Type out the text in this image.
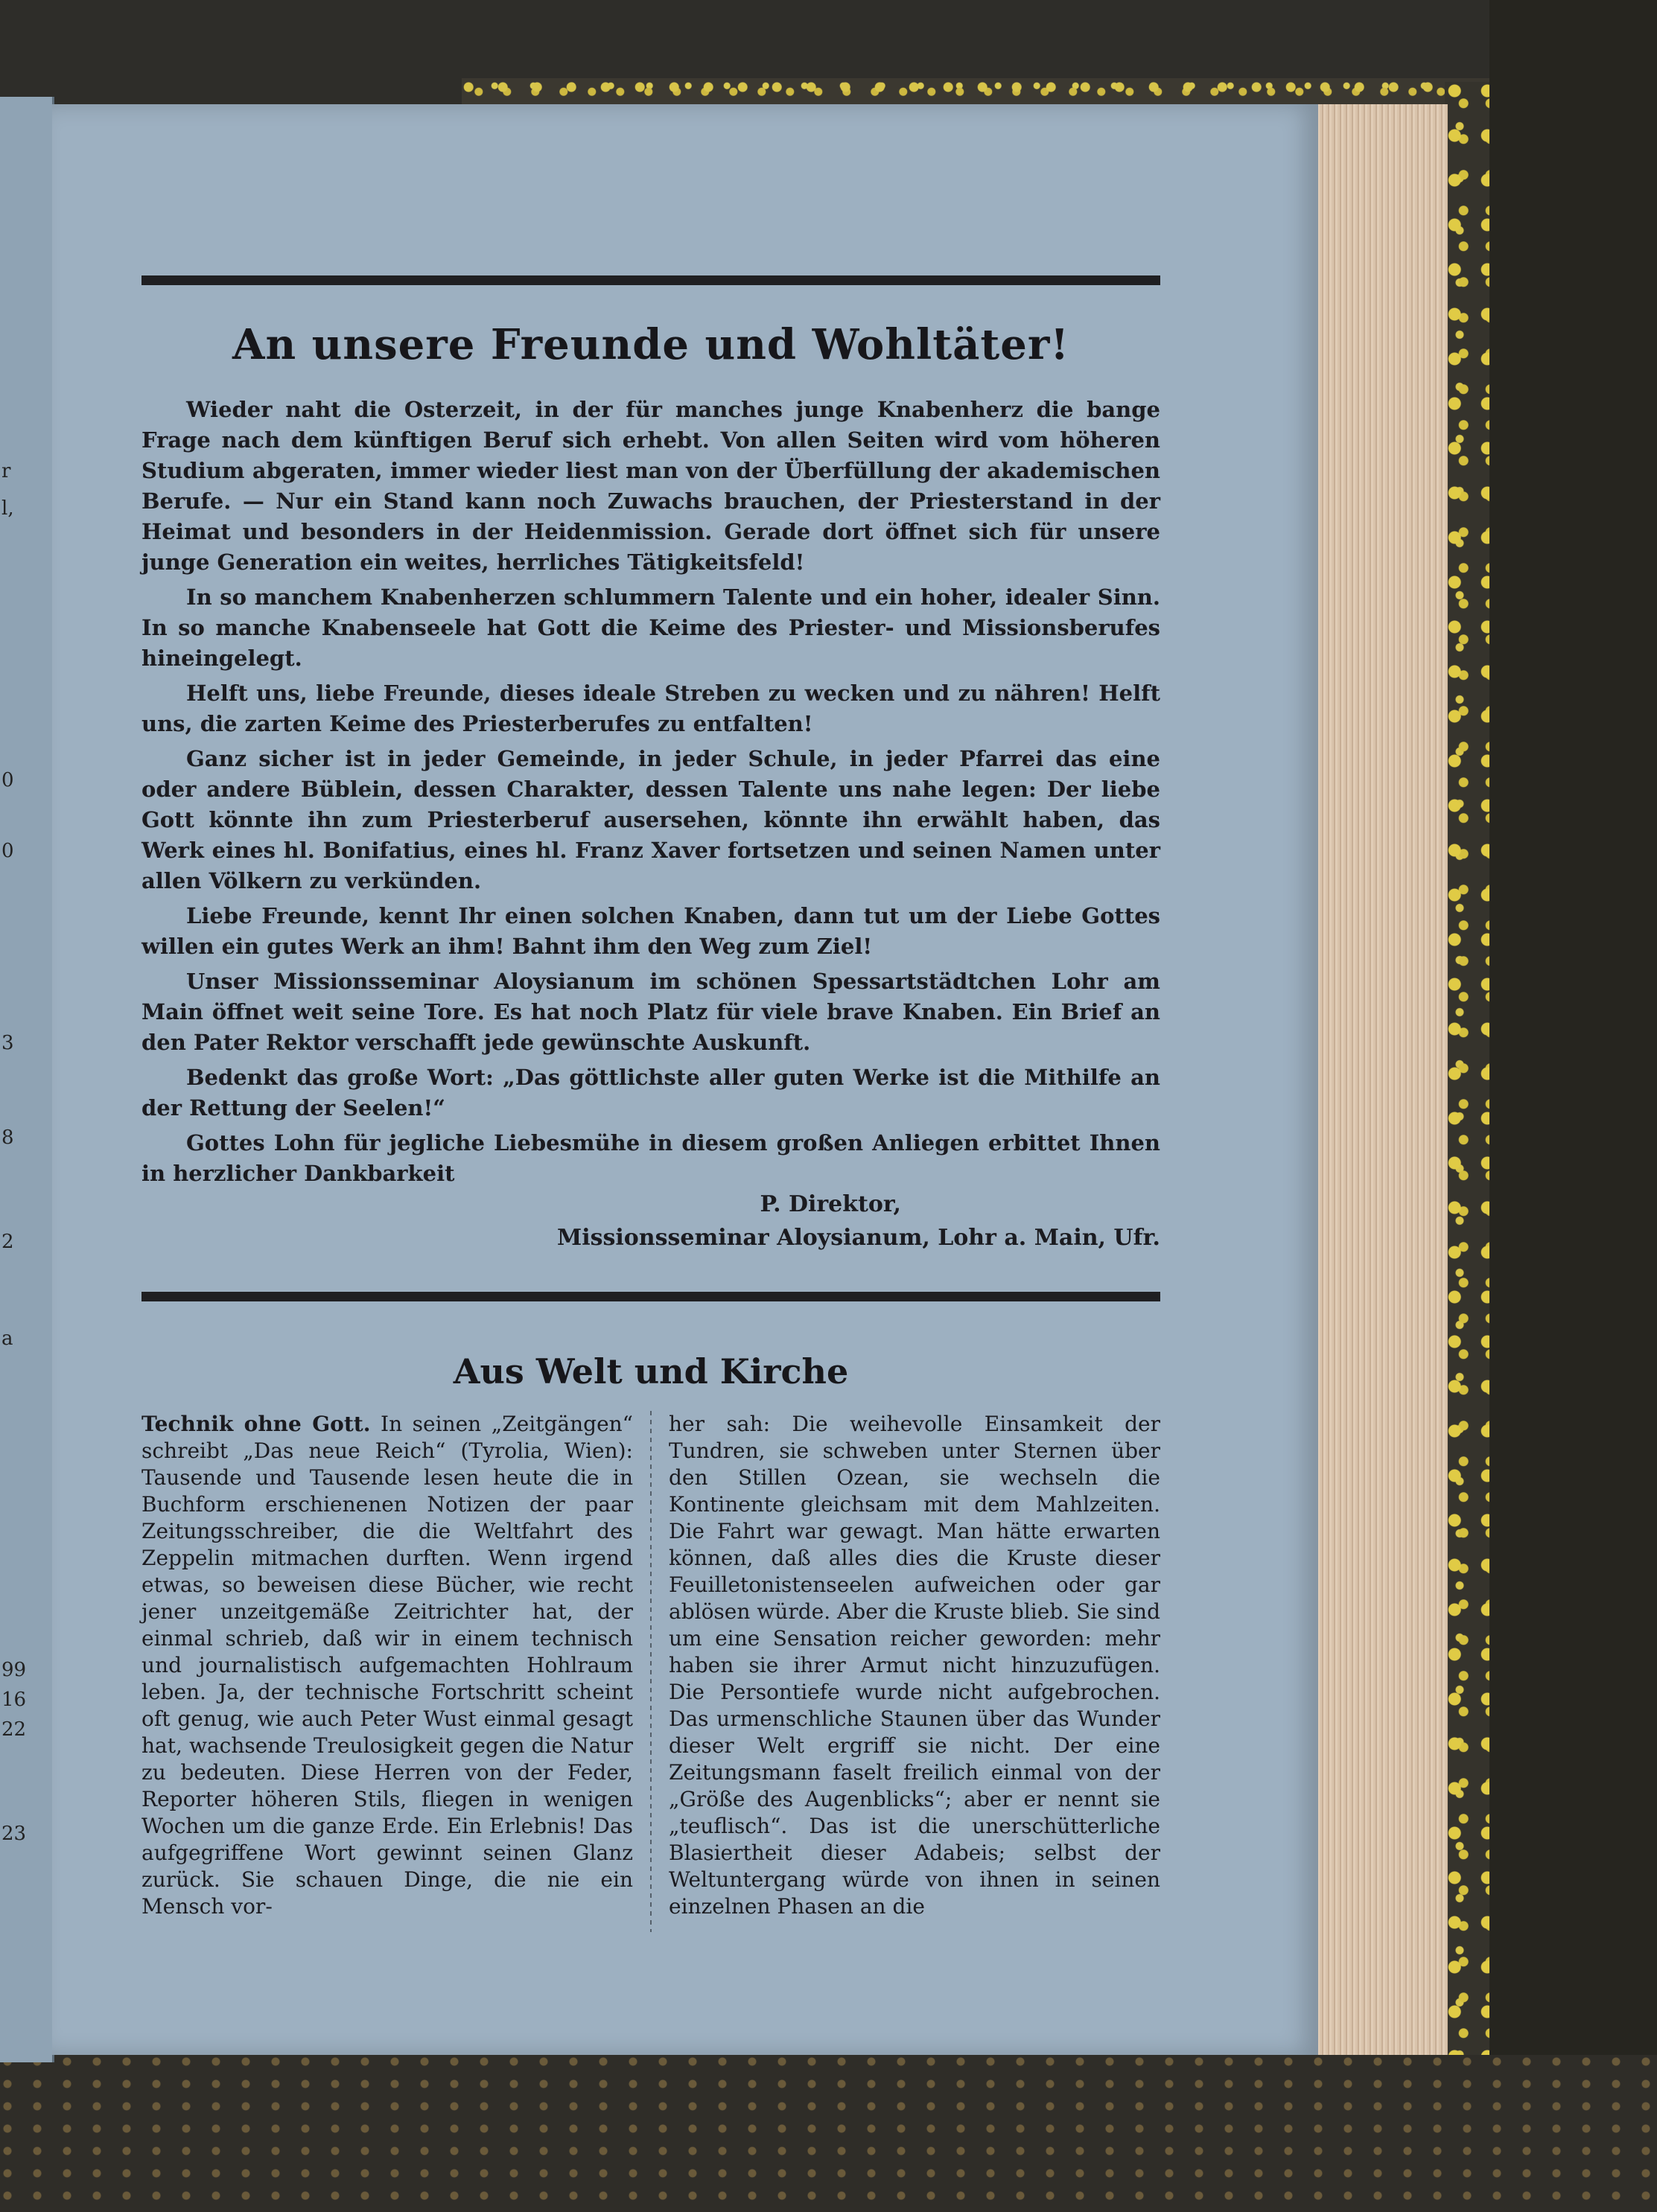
r
l,
0
0
3
8
2
a
99
16
22
23
An unsere Freunde und Wohltäter!

Wieder naht die Osterzeit, in der für manches junge Knabenherz die bange Frage nach dem künftigen Beruf sich erhebt. Von allen Seiten wird vom höheren Studium abgeraten, immer wieder liest man von der Überfüllung der akademischen Berufe. — Nur ein Stand kann noch Zuwachs brauchen, der Priesterstand in der Heimat und besonders in der Heidenmission. Gerade dort öffnet sich für unsere junge Generation ein weites, herrliches Tätigkeitsfeld!

In so manchem Knabenherzen schlummern Talente und ein hoher, idealer Sinn. In so manche Knabenseele hat Gott die Keime des Priester- und Missionsberufes hineingelegt.

Helft uns, liebe Freunde, dieses ideale Streben zu wecken und zu nähren! Helft uns, die zarten Keime des Priesterberufes zu entfalten!

Ganz sicher ist in jeder Gemeinde, in jeder Schule, in jeder Pfarrei das eine oder andere Büblein, dessen Charakter, dessen Talente uns nahe legen: Der liebe Gott könnte ihn zum Priesterberuf ausersehen, könnte ihn erwählt haben, das Werk eines hl. Bonifatius, eines hl. Franz Xaver fortsetzen und seinen Namen unter allen Völkern zu verkünden.

Liebe Freunde, kennt Ihr einen solchen Knaben, dann tut um der Liebe Gottes willen ein gutes Werk an ihm! Bahnt ihm den Weg zum Ziel!

Unser Missionsseminar Aloysianum im schönen Spessartstädtchen Lohr am Main öffnet weit seine Tore. Es hat noch Platz für viele brave Knaben. Ein Brief an den Pater Rektor verschafft jede gewünschte Auskunft.

Bedenkt das große Wort: „Das göttlichste aller guten Werke ist die Mithilfe an der Rettung der Seelen!“

Gottes Lohn für jegliche Liebesmühe in diesem großen Anliegen erbittet Ihnen in herzlicher Dankbarkeit

P. Direktor,
Missionsseminar Aloysianum, Lohr a. Main, Ufr.
Aus Welt und Kirche
Technik ohne Gott. In seinen „Zeitgängen“ schreibt „Das neue Reich“ (Tyrolia, Wien): Tausende und Tausende lesen heute die in Buchform erschienenen Notizen der paar Zeitungsschreiber, die die Weltfahrt des Zeppelin mitmachen durften. Wenn irgend etwas, so beweisen diese Bücher, wie recht jener unzeitgemäße Zeitrichter hat, der einmal schrieb, daß wir in einem technisch und journalistisch aufgemachten Hohlraum leben. Ja, der technische Fortschritt scheint oft genug, wie auch Peter Wust einmal gesagt hat, wachsende Treulosigkeit gegen die Natur zu bedeuten. Diese Herren von der Feder, Reporter höheren Stils, fliegen in wenigen Wochen um die ganze Erde. Ein Erlebnis! Das aufgegriffene Wort gewinnt seinen Glanz zurück. Sie schauen Dinge, die nie ein Mensch vor-
her sah: Die weihevolle Einsamkeit der Tundren, sie schweben unter Sternen über den Stillen Ozean, sie wechseln die Kontinente gleichsam mit dem Mahlzeiten. Die Fahrt war gewagt. Man hätte erwarten können, daß alles dies die Kruste dieser Feuilletonistenseelen aufweichen oder gar ablösen würde. Aber die Kruste blieb. Sie sind um eine Sensation reicher geworden: mehr haben sie ihrer Armut nicht hinzuzufügen. Die Persontiefe wurde nicht aufgebrochen. Das urmenschliche Staunen über das Wunder dieser Welt ergriff sie nicht. Der eine Zeitungsmann faselt freilich einmal von der „Größe des Augenblicks“; aber er nennt sie „teuflisch“. Das ist die unerschütterliche Blasiertheit dieser Adabeis; selbst der Weltuntergang würde von ihnen in seinen einzelnen Phasen an die
